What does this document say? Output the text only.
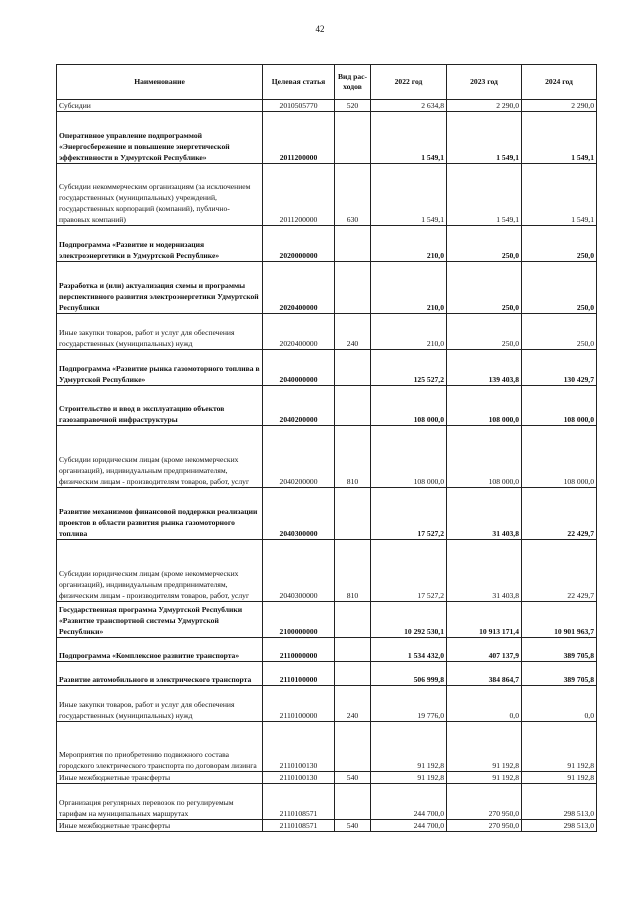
42
Наименование	Целевая статья	Вид рас-ходов	2022 год	2023 год	2024 год
Субсидии	2010505770	520	2 634,8	2 290,0	2 290,0
Оперативное управление подпрограммой «Энергосбережение и повышение энергетической эффективности в Удмуртской Республике»	2011200000		1 549,1	1 549,1	1 549,1
Субсидии некоммерческим организациям (за исключением государственных (муниципальных) учреждений, государственных корпораций (компаний), публично-правовых компаний)	2011200000	630	1 549,1	1 549,1	1 549,1
Подпрограмма «Развитие и модернизация электроэнергетики в Удмуртской Республике»	2020000000		210,0	250,0	250,0
Разработка и (или) актуализация схемы и программы перспективного развития электроэнергетики Удмуртской Республики	2020400000		210,0	250,0	250,0
Иные закупки товаров, работ и услуг для обеспечения государственных (муниципальных) нужд	2020400000	240	210,0	250,0	250,0
Подпрограмма «Развитие рынка газомоторного топлива в Удмуртской Республике»	2040000000		125 527,2	139 403,8	130 429,7
Строительство и ввод в эксплуатацию объектов газозаправочной инфраструктуры	2040200000		108 000,0	108 000,0	108 000,0
Субсидии юридическим лицам (кроме некоммерческих организаций), индивидуальным предпринимателям, физическим лицам - производителям товаров, работ, услуг	2040200000	810	108 000,0	108 000,0	108 000,0
Развитие механизмов финансовой поддержки реализации проектов в области развития рынка газомоторного топлива	2040300000		17 527,2	31 403,8	22 429,7
Субсидии юридическим лицам (кроме некоммерческих организаций), индивидуальным предпринимателям, физическим лицам - производителям товаров, работ, услуг	2040300000	810	17 527,2	31 403,8	22 429,7
Государственная программа Удмуртской Республики «Развитие транспортной системы Удмуртской Республики»	2100000000		10 292 530,1	10 913 171,4	10 901 963,7
Подпрограмма «Комплексное развитие транспорта»	2110000000		1 534 432,0	407 137,9	389 705,8
Развитие автомобильного и электрического транспорта	2110100000		506 999,8	384 864,7	389 705,8
Иные закупки товаров, работ и услуг для обеспечения государственных (муниципальных) нужд	2110100000	240	19 776,0	0,0	0,0
Мероприятия по приобретению подвижного состава городского электрического транспорта по договорам лизинга	2110100130		91 192,8	91 192,8	91 192,8
Иные межбюджетные трансферты	2110100130	540	91 192,8	91 192,8	91 192,8
Организация регулярных перевозок по регулируемым тарифам на муниципальных маршрутах	2110108571		244 700,0	270 950,0	298 513,0
Иные межбюджетные трансферты	2110108571	540	244 700,0	270 950,0	298 513,0
